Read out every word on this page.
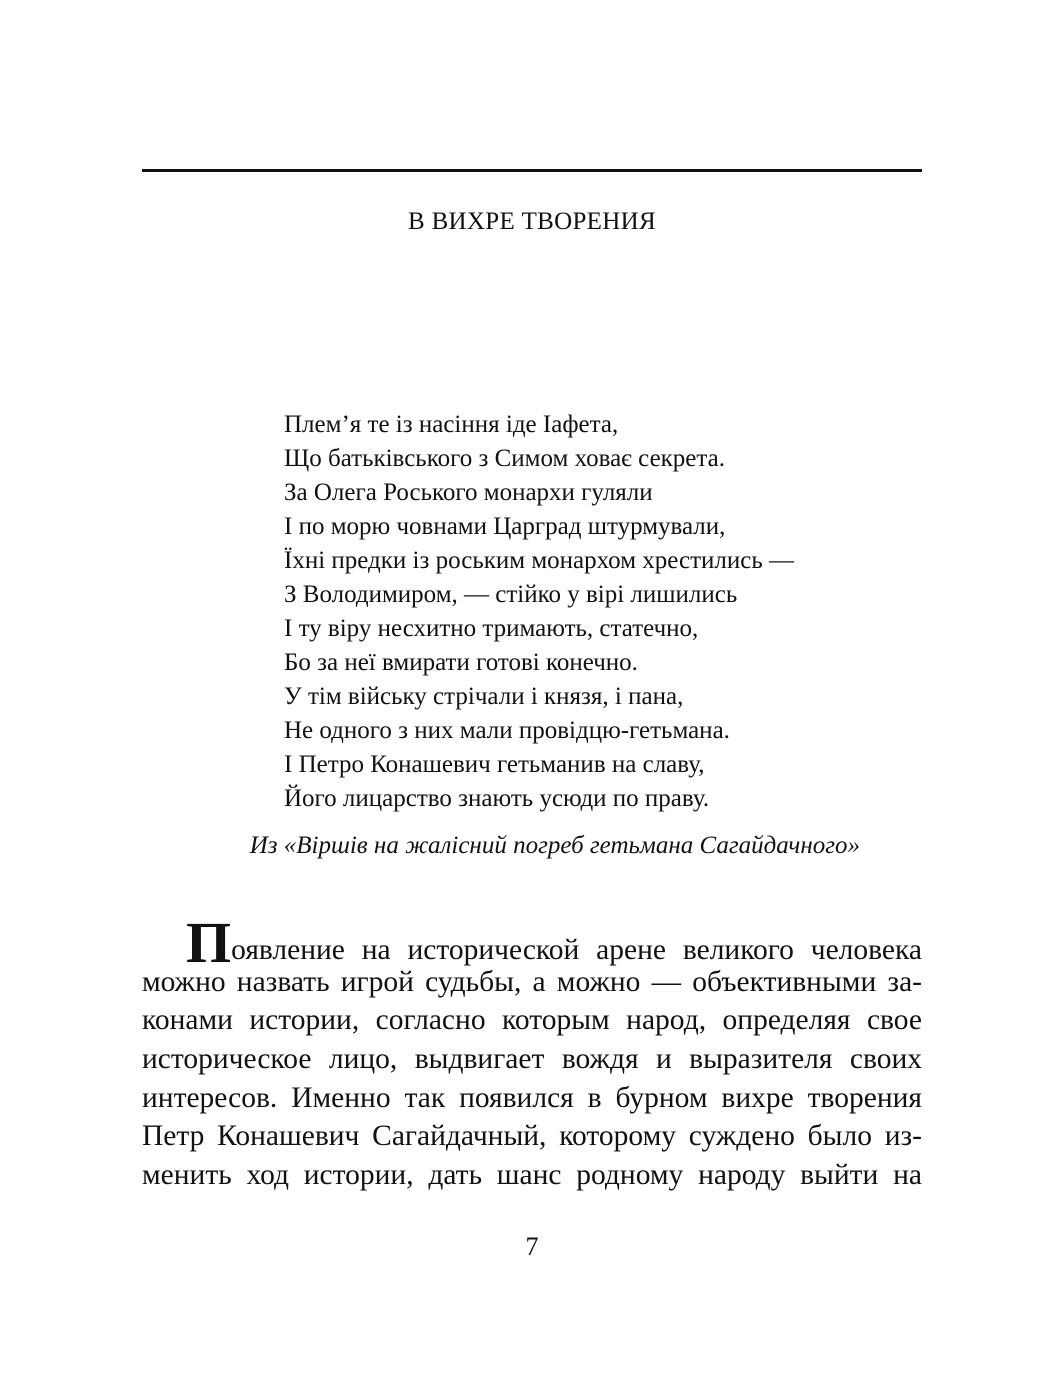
В ВИХРЕ ТВОРЕНИЯ
Плем’я те із насіння іде Іафета,
Що батьківського з Симом ховає секрета.
За Олега Роського монархи гуляли
І по морю човнами Царград штурмували,
Їхні предки із роським монархом хрестились —
З Володимиром, — стійко у вірі лишились
І ту віру несхитно тримають, статечно,
Бо за неї вмирати готові конечно.
У тім війську стрічали і князя, і пана,
Не одного з них мали провідцю-гетьмана.
І Петро Конашевич гетьманив на славу,
Його лицарство знають усюди по праву.
Из «Віршів на жалісний погреб гетьмана Сагайдачного»
Появление на исторической арене великого человека
можно назвать игрой судьбы, а можно — объективными за-
конами истории, согласно которым народ, определяя свое
историческое лицо, выдвигает вождя и выразителя своих
интересов. Именно так появился в бурном вихре творения
Петр Конашевич Сагайдачный, которому суждено было из-
менить ход истории, дать шанс родному народу выйти на
7
